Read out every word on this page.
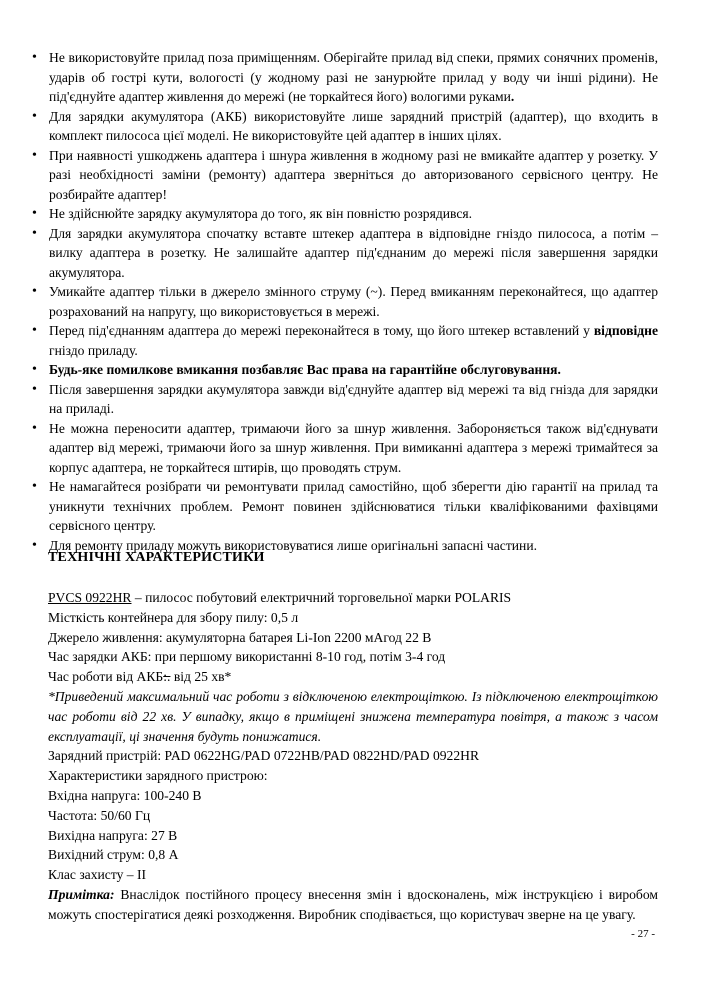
• Не використовуйте прилад поза приміщенням. Оберігайте прилад від спеки, прямих сонячних променів, ударів об гострі кути, вологості (у жодному разі не занурюйте прилад у воду чи інші рідини). Не під'єднуйте адаптер живлення до мережі (не торкайтеся його) вологими руками.
• Для зарядки акумулятора (АКБ) використовуйте лише зарядний пристрій (адаптер), що входить в комплект пилососа цієї моделі. Не використовуйте цей адаптер в інших цілях.
• При наявності ушкоджень адаптера і шнура живлення в жодному разі не вмикайте адаптер у розетку. У разі необхідності заміни (ремонту) адаптера зверніться до авторизованого сервісного центру. Не розбирайте адаптер!
• Не здійснюйте зарядку акумулятора до того, як він повністю розрядився.
• Для зарядки акумулятора спочатку вставте штекер адаптера в відповідне гніздо пилососа, а потім – вилку адаптера в розетку. Не залишайте адаптер під'єднаним до мережі після завершення зарядки акумулятора.
• Умикайте адаптер тільки в джерело змінного струму (~). Перед вмиканням переконайтеся, що адаптер розрахований на напругу, що використовується в мережі.
• Перед під'єднанням адаптера до мережі переконайтеся в тому, що його штекер вставлений у відповідне гніздо приладу.
• Будь-яке помилкове вмикання позбавляє Вас права на гарантійне обслуговування.
• Після завершення зарядки акумулятора завжди від'єднуйте адаптер від мережі та від гнізда для зарядки на приладі.
• Не можна переносити адаптер, тримаючи його за шнур живлення. Забороняється також від'єднувати адаптер від мережі, тримаючи його за шнур живлення. При вимиканні адаптера з мережі тримайтеся за корпус адаптера, не торкайтеся штирів, що проводять струм.
• Не намагайтеся розібрати чи ремонтувати прилад самостійно, щоб зберегти дію гарантії на прилад та уникнути технічних проблем. Ремонт повинен здійснюватися тільки кваліфікованими фахівцями сервісного центру.
• Для ремонту приладу можуть використовуватися лише оригінальні запасні частини.
ТЕХНІЧНІ ХАРАКТЕРИСТИКИ
PVCS 0922HR – пилосос побутовий електричний торговельної марки POLARIS
Місткість контейнера для збору пилу: 0,5 л
Джерело живлення: акумуляторна батарея Li-Ion 2200 мАгод 22 В
Час зарядки АКБ: при першому використанні 8-10 год, потім 3-4 год
Час роботи від АКБ:. від 25 хв*
*Приведений максимальний час роботи з відключеною електрощіткою. Із підключеною електрощіткою час роботи від 22 хв. У випадку, якщо в приміщені знижена температура повітря, а також з часом експлуатації, ці значення будуть понижатися.
Зарядний пристрій: PAD 0622HG/PAD 0722HB/PAD 0822HD/PAD 0922HR
Характеристики зарядного пристрою:
Вхідна напруга: 100-240 В
Частота: 50/60 Гц
Вихідна напруга: 27 В
Вихідний струм: 0,8 А
Клас захисту – II
Примітка: Внаслідок постійного процесу внесення змін і вдосконалень, між інструкцією і виробом можуть спостерігатися деякі розходження. Виробник сподівається, що користувач зверне на це увагу.
- 27 -
